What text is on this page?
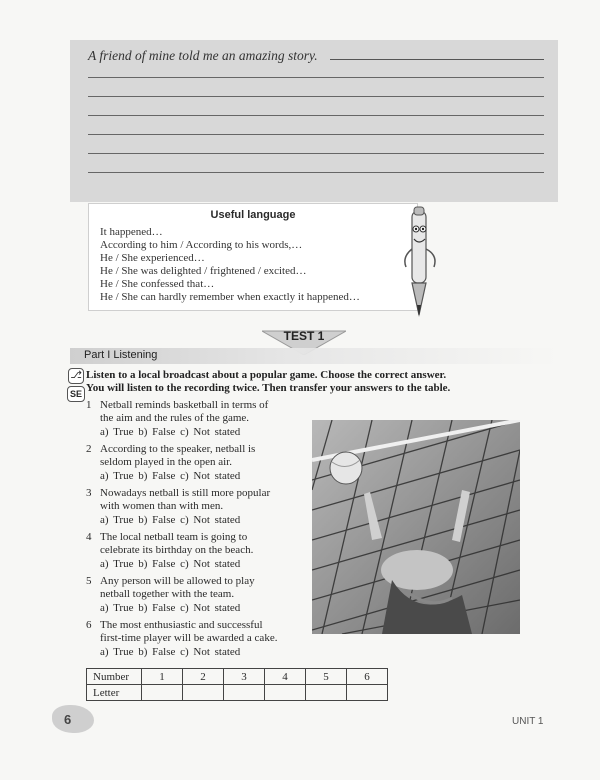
A friend of mine told me an amazing story.
Useful language
It happened…
According to him / According to his words,…
He / She experienced…
He / She was delighted / frightened / excited…
He / She confessed that…
He / She can hardly remember when exactly it happened…
TEST 1
Part I Listening
⎇
SE
Listen to a local broadcast about a popular game. Choose the correct answer.
You will listen to the recording twice. Then transfer your answers to the table.
1 Netball reminds basketball in terms of
the aim and the rules of the game.
a) True b) False c) Not stated
2 According to the speaker, netball is
seldom played in the open air.
a) True b) False c) Not stated
3 Nowadays netball is still more popular
with women than with men.
a) True b) False c) Not stated
4 The local netball team is going to
celebrate its birthday on the beach.
a) True b) False c) Not stated
5 Any person will be allowed to play
netball together with the team.
a) True b) False c) Not stated
6 The most enthusiastic and successful
first-time player will be awarded a cake.
a) True b) False c) Not stated
Number	1	2	3	4	5	6
Letter						
6	UNIT 1
